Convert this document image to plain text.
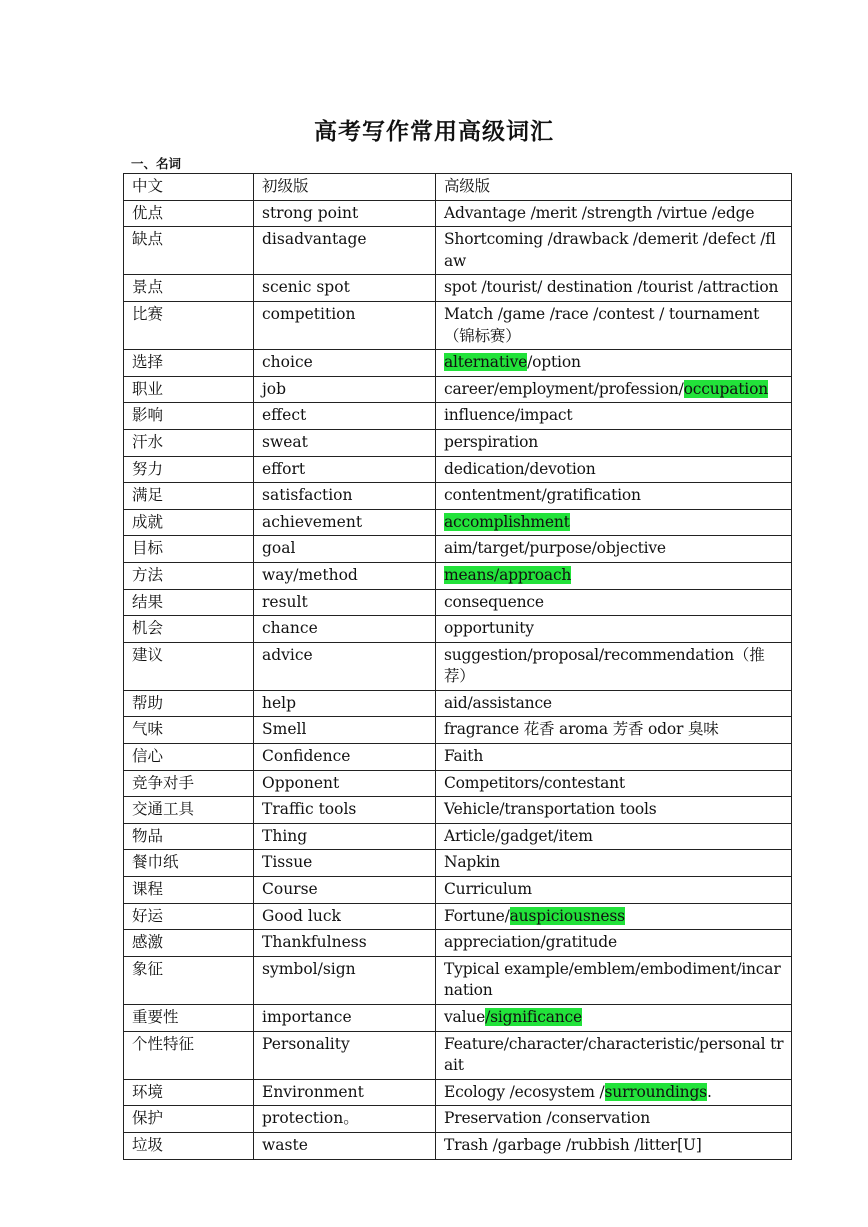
高考写作常用高级词汇

一、名词

中文	初级版	高级版
优点	strong point	Advantage /merit /strength /virtue /edge
缺点	disadvantage	Shortcoming /drawback /demerit /defect /flaw
景点	scenic spot	spot /tourist/ destination /tourist /attraction
比赛	competition	Match /game /race /contest / tournament（锦标赛）
选择	choice	alternative/option
职业	job	career/employment/profession/occupation
影响	effect	influence/impact
汗水	sweat	perspiration
努力	effort	dedication/devotion
满足	satisfaction	contentment/gratification
成就	achievement	accomplishment
目标	goal	aim/target/purpose/objective
方法	way/method	means/approach
结果	result	consequence
机会	chance	opportunity
建议	advice	suggestion/proposal/recommendation（推荐）
帮助	help	aid/assistance
气味	Smell	fragrance 花香 aroma 芳香 odor 臭味
信心	Confidence	Faith
竞争对手	Opponent	Competitors/contestant
交通工具	Traffic tools	Vehicle/transportation tools
物品	Thing	Article/gadget/item
餐巾纸	Tissue	Napkin
课程	Course	Curriculum
好运	Good luck	Fortune/auspiciousness
感激	Thankfulness	appreciation/gratitude
象征	symbol/sign	Typical example/emblem/embodiment/incarnation
重要性	importance	value/significance
个性特征	Personality	Feature/character/characteristic/personal trait
环境	Environment	Ecology /ecosystem /surroundings.
保护	protection。	Preservation /conservation
垃圾	waste	Trash /garbage /rubbish /litter[U]
